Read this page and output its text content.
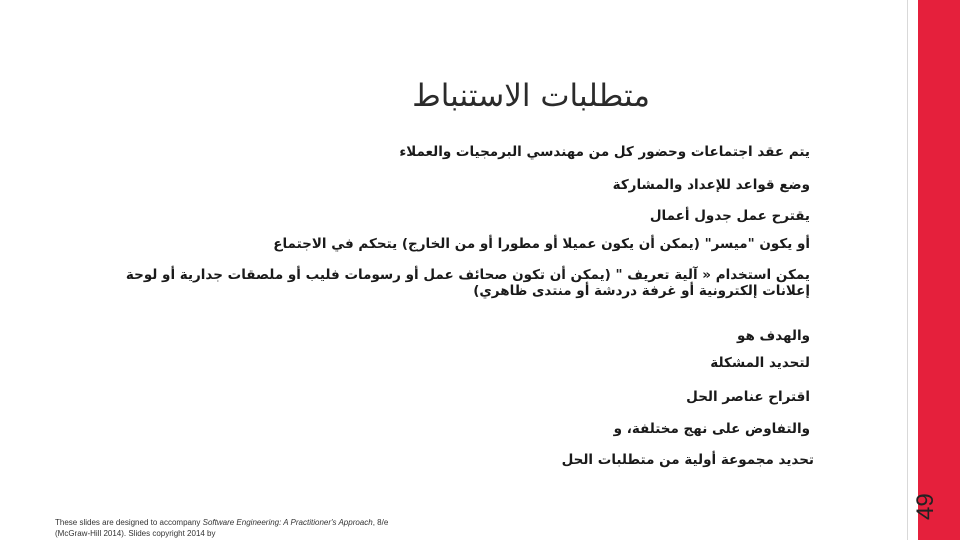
متطلبات الاستنباط
يتم عقد اجتماعات وحضور كل من مهندسي البرمجيات والعملاء
وضع قواعد للإعداد والمشاركة
يقترح عمل جدول أعمال
أو يكون "ميسر" (يمكن أن يكون عميلا أو مطورا أو من الخارج) يتحكم في الاجتماع
يمكن استخدام « آلية تعريف " (يمكن أن تكون صحائف عمل أو رسومات فليب أو ملصقات جدارية أو لوحة إعلانات إلكترونية أو غرفة دردشة أو منتدى ظاهري)
والهدف هو
لتحديد المشكلة
اقتراح عناصر الحل
والتفاوض على نهج مختلفة، و
تحديد مجموعة أولية من متطلبات الحل
These slides are designed to accompany Software Engineering: A Practitioner's Approach, 8/e (McGraw-Hill 2014). Slides copyright 2014 by
49
